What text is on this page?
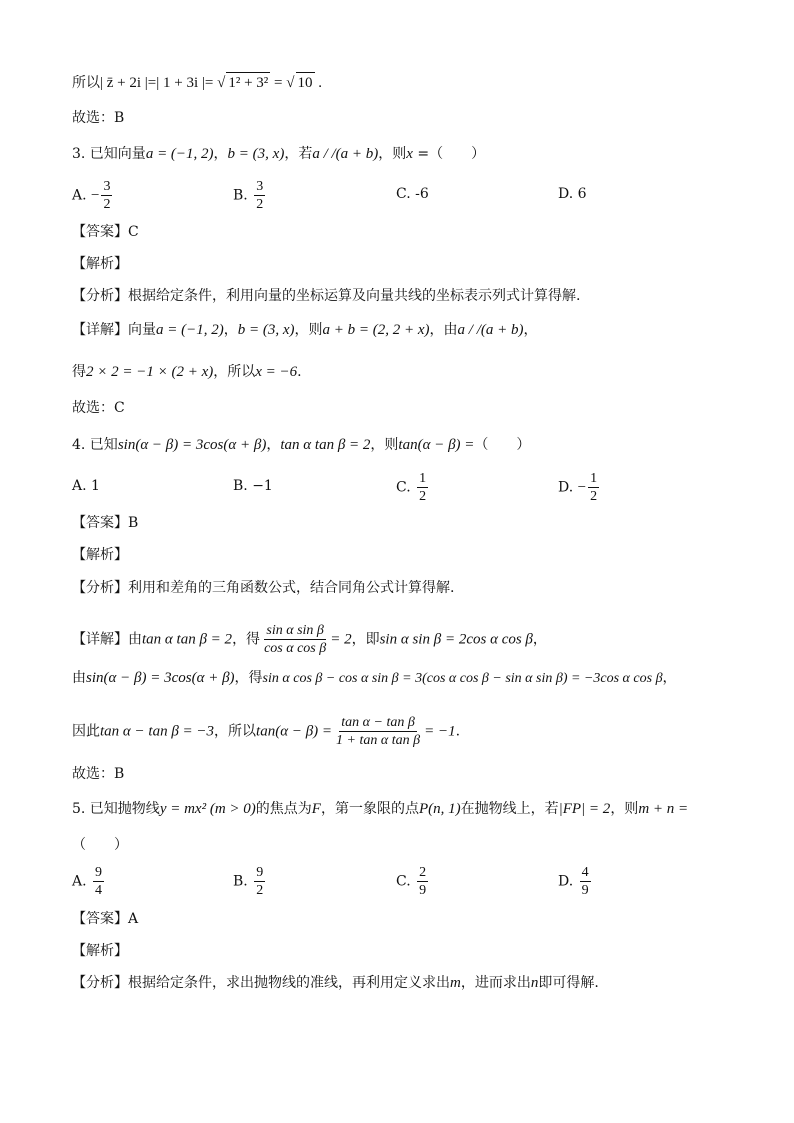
所以| z̄ + 2i |=| 1 + 3i |= √ 1² + 3² = √ 10 .
故选：B
3. 已知向量a = (−1, 2)，b = (3, x)，若a / /(a + b)，则x =（　　）
A. − $\frac{3}{2}$	B. $\frac{3}{2}$	C. -6	D. 6
【答案】C
【解析】
【分析】根据给定条件，利用向量的坐标运算及向量共线的坐标表示列式计算得解.
【详解】向量a = (−1, 2)，b = (3, x)，则a + b = (2, 2 + x)，由a / /(a + b)，
得2 × 2 = −1 × (2 + x)，所以x = −6.
故选：C
4. 已知sin(α − β) = 3cos(α + β)，tan α tan β = 2，则tan(α − β) =（　　）
A. 1	B. −1	C. $\frac{1}{2}$	D. − $\frac{1}{2}$
【答案】B
【解析】
【分析】利用和差角的三角函数公式，结合同角公式计算得解.
【详解】由tan α tan β = 2，得 $\frac{\text{sin α sin β}}{\text{cos α cos β}} = 2$，即sin α sin β = 2cos α cos β，
由sin(α − β) = 3cos(α + β)，得sin α cos β − cos α sin β = 3(cos α cos β − sin α sin β) = −3cos α cos β，
因此tan α − tan β = −3，所以$\tan(\alpha - \beta) = \frac{\text{tan α − tan β}}{\text{1 + tan α tan β}} = -1$.
故选：B
5. 已知抛物线y = mx² (m > 0)的焦点为F，第一象限的点P(n, 1)在抛物线上，若|FP| = 2，则m + n =
（　　）
A. $\frac{9}{4}$	B. $\frac{9}{2}$	C. $\frac{2}{9}$	D. $\frac{4}{9}$
【答案】A
【解析】
【分析】根据给定条件，求出抛物线的准线，再利用定义求出m，进而求出n即可得解.
